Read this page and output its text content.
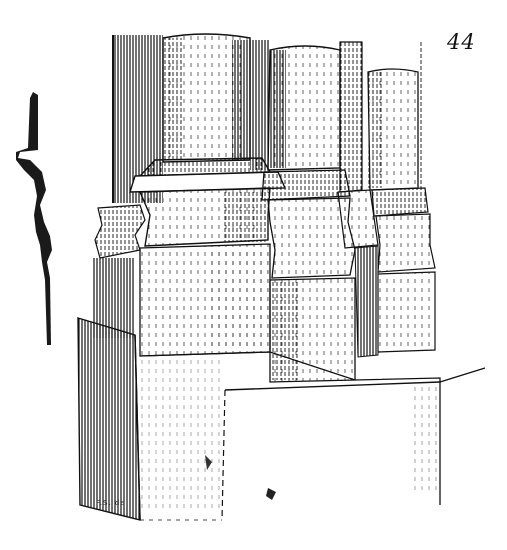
44
F.S. del
